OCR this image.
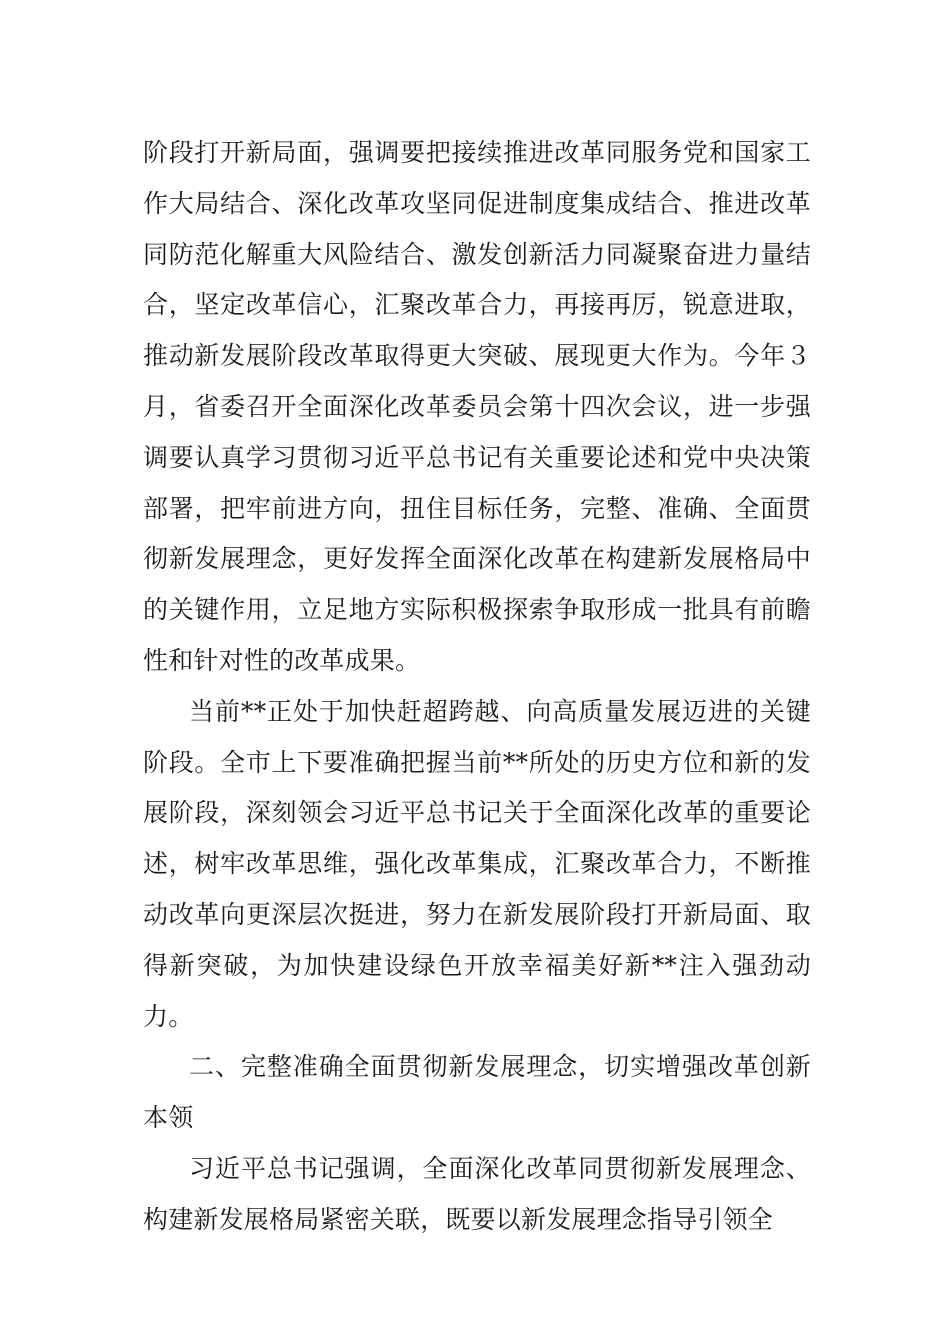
阶段打开新局面，强调要把接续推进改革同服务党和国家工作大局结合、深化改革攻坚同促进制度集成结合、推进改革同防范化解重大风险结合、激发创新活力同凝聚奋进力量结合，坚定改革信心，汇聚改革合力，再接再厉，锐意进取，推动新发展阶段改革取得更大突破、展现更大作为。今年３月，省委召开全面深化改革委员会第十四次会议，进一步强调要认真学习贯彻习近平总书记有关重要论述和党中央决策部署，把牢前进方向，扭住目标任务，完整、准确、全面贯彻新发展理念，更好发挥全面深化改革在构建新发展格局中的关键作用，立足地方实际积极探索争取形成一批具有前瞻性和针对性的改革成果。

当前**正处于加快赶超跨越、向高质量发展迈进的关键阶段。全市上下要准确把握当前**所处的历史方位和新的发展阶段，深刻领会习近平总书记关于全面深化改革的重要论述，树牢改革思维，强化改革集成，汇聚改革合力，不断推动改革向更深层次挺进，努力在新发展阶段打开新局面、取得新突破，为加快建设绿色开放幸福美好新**注入强劲动力。

二、完整准确全面贯彻新发展理念，切实增强改革创新本领

习近平总书记强调，全面深化改革同贯彻新发展理念、构建新发展格局紧密关联，既要以新发展理念指导引领全
